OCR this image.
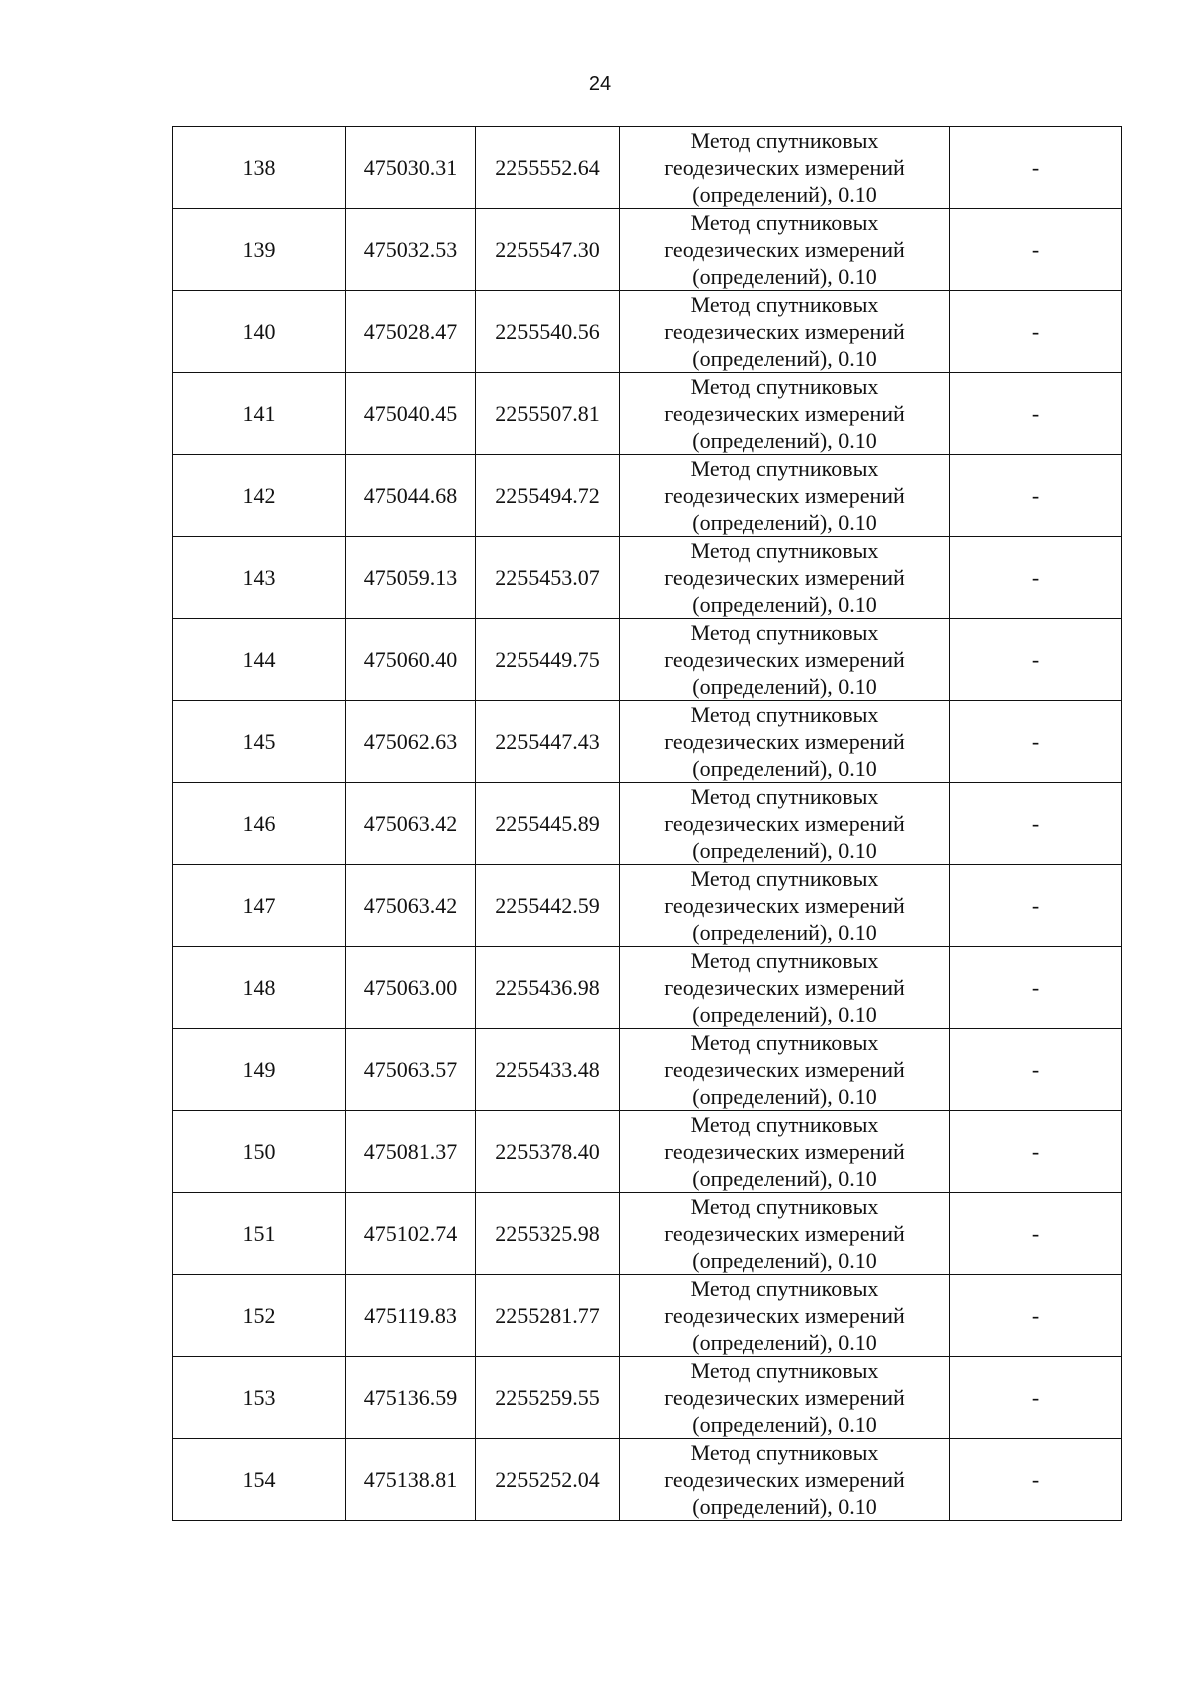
24
138	475030.31	2255552.64	Метод спутниковых
геодезических измерений
(определений), 0.10	-
139	475032.53	2255547.30	Метод спутниковых
геодезических измерений
(определений), 0.10	-
140	475028.47	2255540.56	Метод спутниковых
геодезических измерений
(определений), 0.10	-
141	475040.45	2255507.81	Метод спутниковых
геодезических измерений
(определений), 0.10	-
142	475044.68	2255494.72	Метод спутниковых
геодезических измерений
(определений), 0.10	-
143	475059.13	2255453.07	Метод спутниковых
геодезических измерений
(определений), 0.10	-
144	475060.40	2255449.75	Метод спутниковых
геодезических измерений
(определений), 0.10	-
145	475062.63	2255447.43	Метод спутниковых
геодезических измерений
(определений), 0.10	-
146	475063.42	2255445.89	Метод спутниковых
геодезических измерений
(определений), 0.10	-
147	475063.42	2255442.59	Метод спутниковых
геодезических измерений
(определений), 0.10	-
148	475063.00	2255436.98	Метод спутниковых
геодезических измерений
(определений), 0.10	-
149	475063.57	2255433.48	Метод спутниковых
геодезических измерений
(определений), 0.10	-
150	475081.37	2255378.40	Метод спутниковых
геодезических измерений
(определений), 0.10	-
151	475102.74	2255325.98	Метод спутниковых
геодезических измерений
(определений), 0.10	-
152	475119.83	2255281.77	Метод спутниковых
геодезических измерений
(определений), 0.10	-
153	475136.59	2255259.55	Метод спутниковых
геодезических измерений
(определений), 0.10	-
154	475138.81	2255252.04	Метод спутниковых
геодезических измерений
(определений), 0.10	-
